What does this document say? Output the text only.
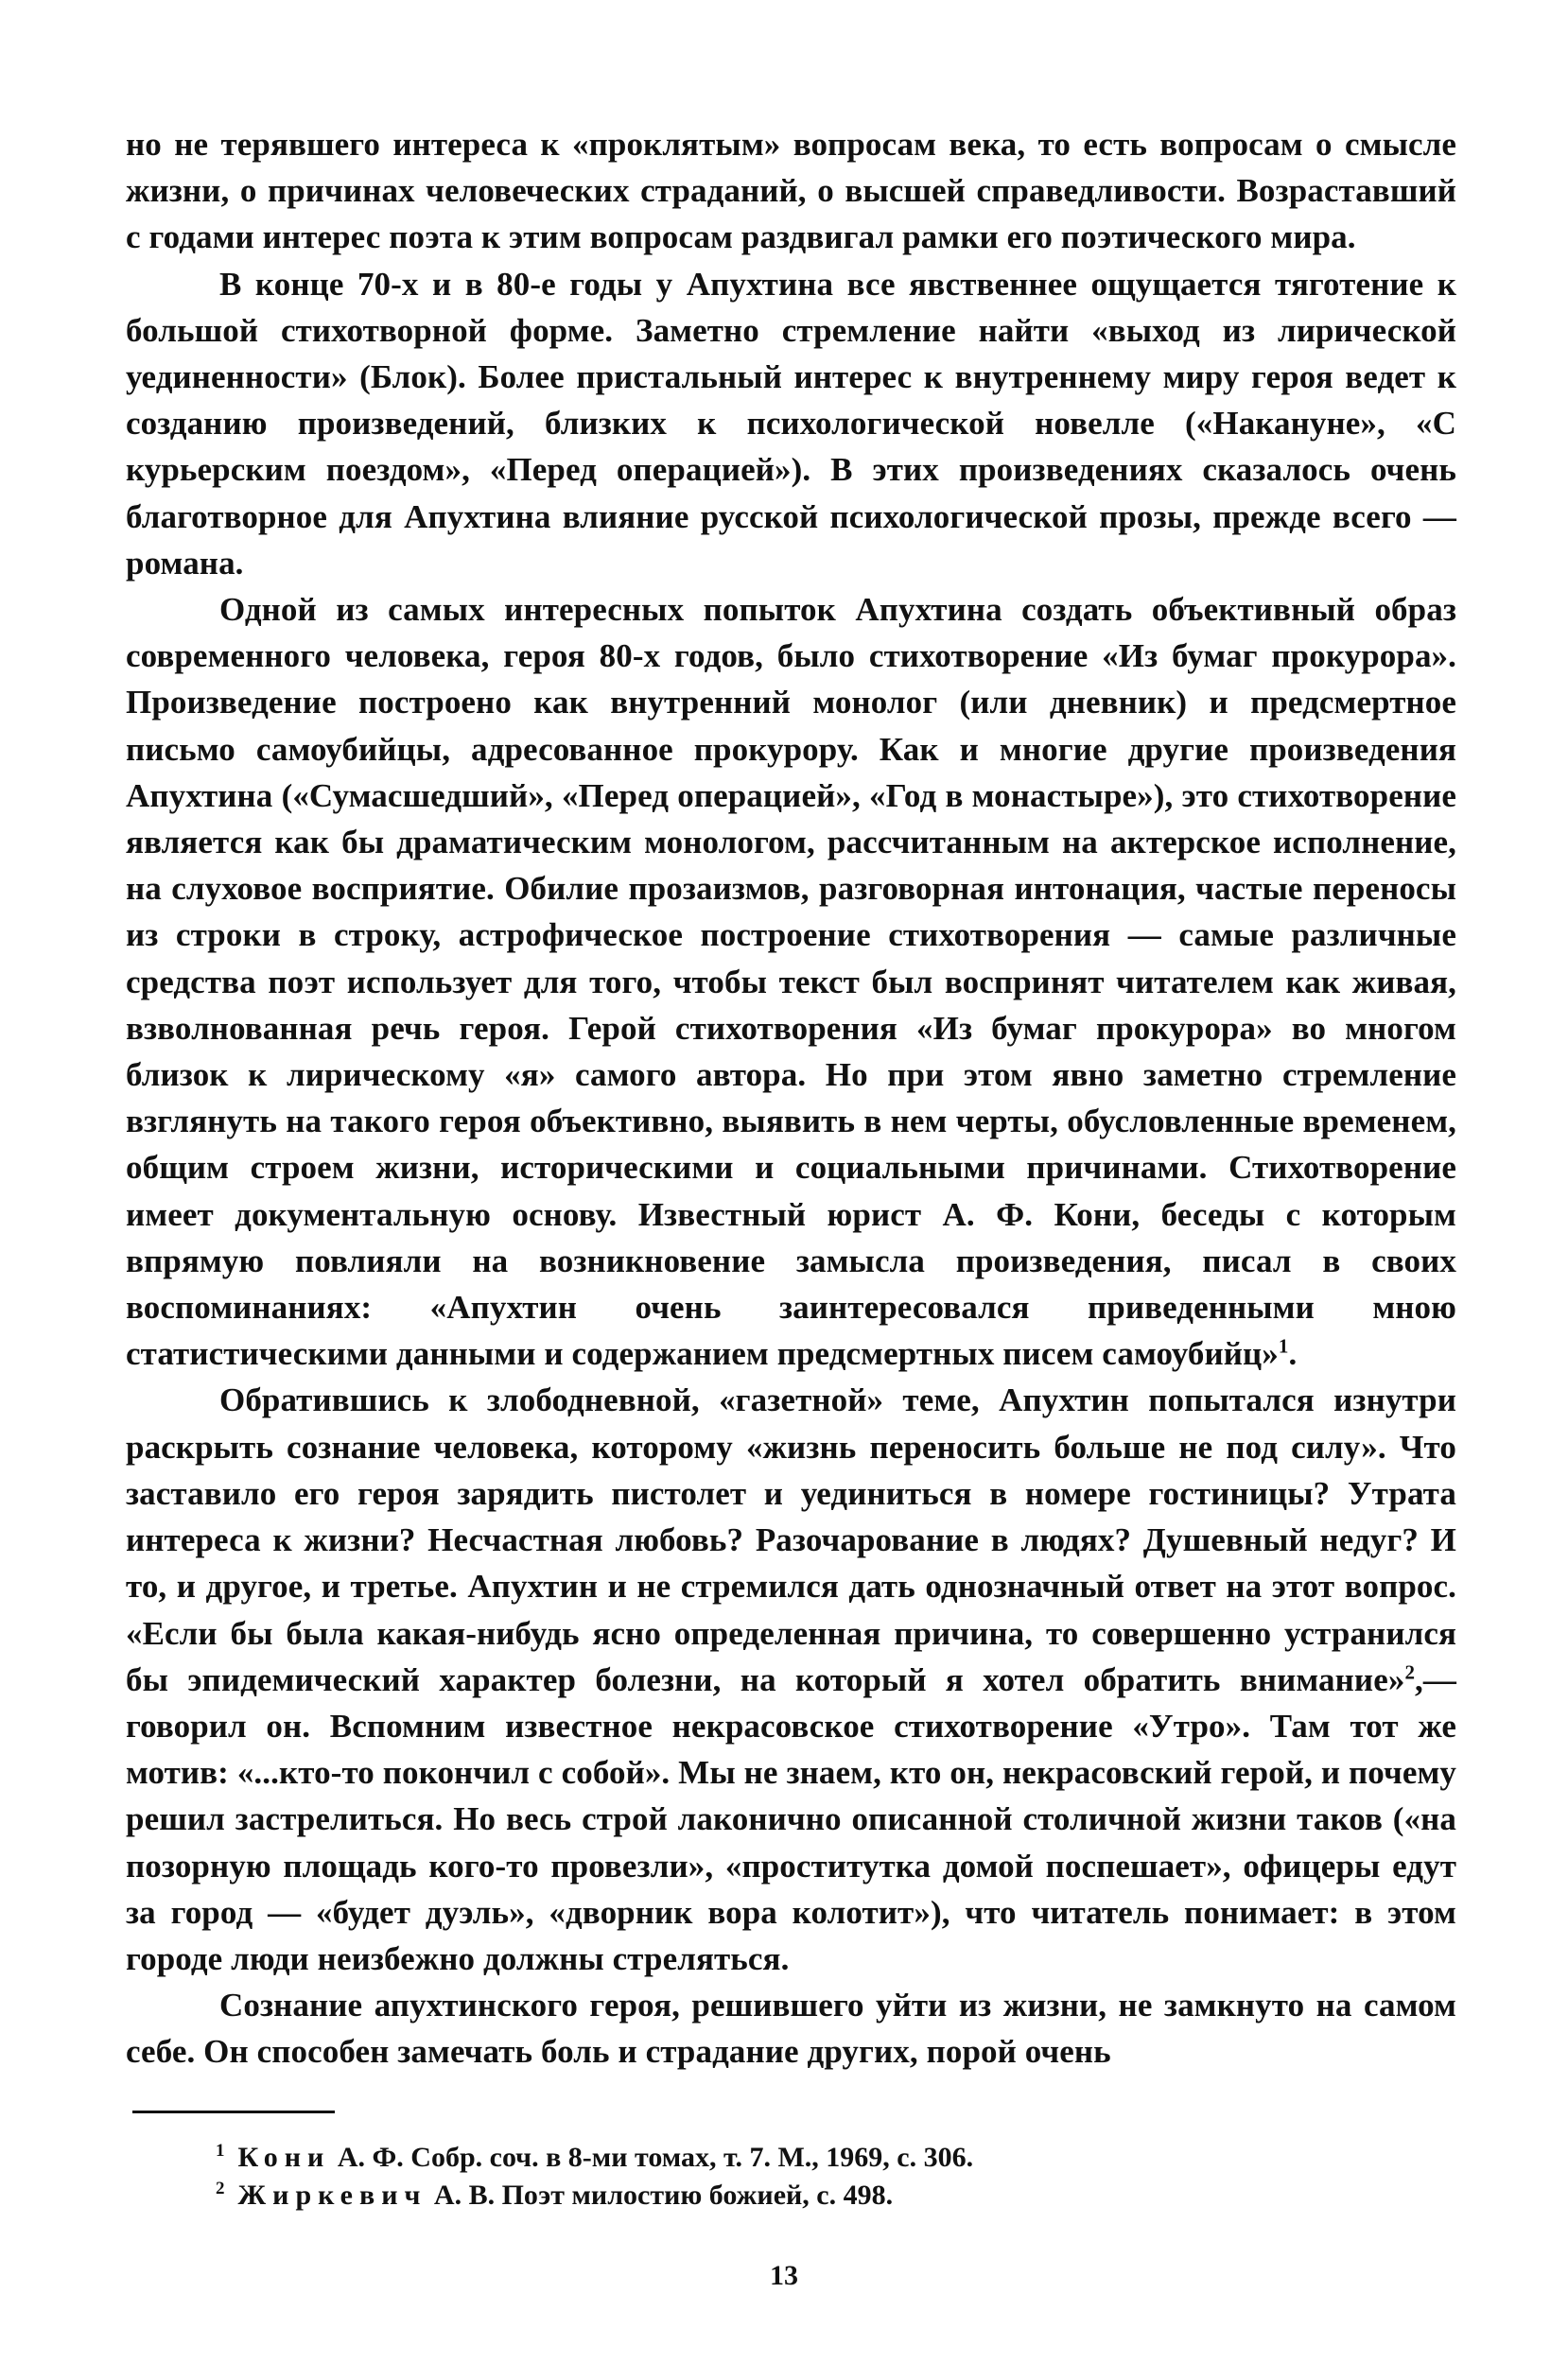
но не терявшего интереса к «проклятым» вопросам века, то есть вопросам о смысле жизни, о причинах человеческих страданий, о высшей справедливости. Возраставший с годами интерес поэта к этим вопросам раздвигал рамки его поэтического мира.

В конце 70-х и в 80-е годы у Апухтина все явственнее ощущается тяготение к большой стихотворной форме. Заметно стремление найти «выход из лирической уединенности» (Блок). Более пристальный интерес к внутреннему миру героя ведет к созданию произведений, близких к психологической новелле («Накануне», «С курьерским поездом», «Перед операцией»). В этих произведениях сказалось очень благотворное для Апухтина влияние русской психологической прозы, прежде всего — романа.

Одной из самых интересных попыток Апухтина создать объективный образ современного человека, героя 80-х годов, было стихотворение «Из бумаг прокурора». Произведение построено как внутренний монолог (или дневник) и предсмертное письмо самоубийцы, адресованное прокурору. Как и многие другие произведения Апухтина («Сумасшедший», «Перед операцией», «Год в монастыре»), это стихотворение является как бы драматическим монологом, рассчитанным на актерское исполнение, на слуховое восприятие. Обилие прозаизмов, разговорная интонация, частые переносы из строки в строку, астрофическое построение стихотворения — самые различные средства поэт использует для того, чтобы текст был воспринят читателем как живая, взволнованная речь героя. Герой стихотворения «Из бумаг прокурора» во многом близок к лирическому «я» самого автора. Но при этом явно заметно стремление взглянуть на такого героя объективно, выявить в нем черты, обусловленные временем, общим строем жизни, историческими и социальными причинами. Стихотворение имеет документальную основу. Известный юрист А. Ф. Кони, беседы с которым впрямую повлияли на возникновение замысла произведения, писал в своих воспоминаниях: «Апухтин очень заинтересовался приведенными мною статистическими данными и содержанием предсмертных писем самоубийц»$^1$.

Обратившись к злободневной, «газетной» теме, Апухтин попытался изнутри раскрыть сознание человека, которому «жизнь переносить больше не под силу». Что заставило его героя зарядить пистолет и уединиться в номере гостиницы? Утрата интереса к жизни? Несчастная любовь? Разочарование в людях? Душевный недуг? И то, и другое, и третье. Апухтин и не стремился дать однозначный ответ на этот вопрос. «Если бы была какая-нибудь ясно определенная причина, то совершенно устранился бы эпидемический характер болезни, на который я хотел обратить внимание»$^2$,— говорил он. Вспомним известное некрасовское стихотворение «Утро». Там тот же мотив: «...кто-то покончил с собой». Мы не знаем, кто он, некрасовский герой, и почему решил застрелиться. Но весь строй лаконично описанной столичной жизни таков («на позорную площадь кого-то провезли», «проститутка домой поспешает», офицеры едут за город — «будет дуэль», «дворник вора колотит»), что читатель понимает: в этом городе люди неизбежно должны стреляться.

Сознание апухтинского героя, решившего уйти из жизни, не замкнуто на самом себе. Он способен замечать боль и страдание других, порой очень

$^1$ Кони А. Ф. Собр. соч. в 8-ми томах, т. 7. М., 1969, с. 306.
$^2$ Жиркевич А. В. Поэт милостию божией, с. 498.
13
